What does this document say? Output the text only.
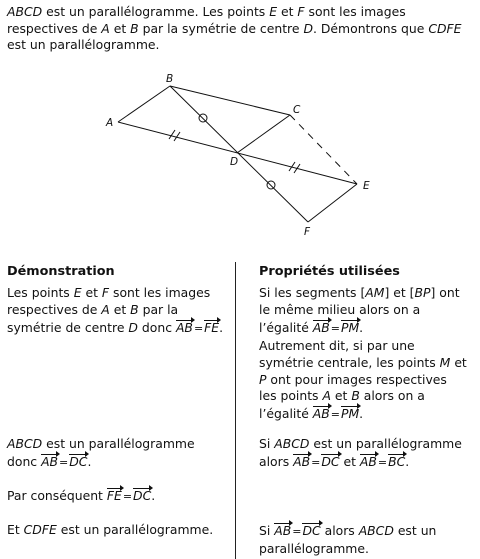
ABCD est un parallélogramme. Les points E et F sont les images respectives de A et B par la symétrie de centre D. Démontrons que CDFE est un parallélogramme.
A
B
C
D
E
F
Démonstration
Les points E et F sont les images respectives de A et B par la symétrie de centre D donc AB=FE.
ABCD est un parallélogramme
donc AB=DC.
Par conséquent FE=DC.
Et CDFE est un parallélogramme.
Propriétés utilisées
Si les segments [AM] et [BP] ont le même milieu alors on a l’égalité AB=PM.
Autrement dit, si par une symétrie centrale, les points M et P ont pour images respectives les points A et B alors on a l’égalité AB=PM.
Si ABCD est un parallélogramme alors AB=DC et AB=BC.
Si AB=DC alors ABCD est un parallélogramme.
